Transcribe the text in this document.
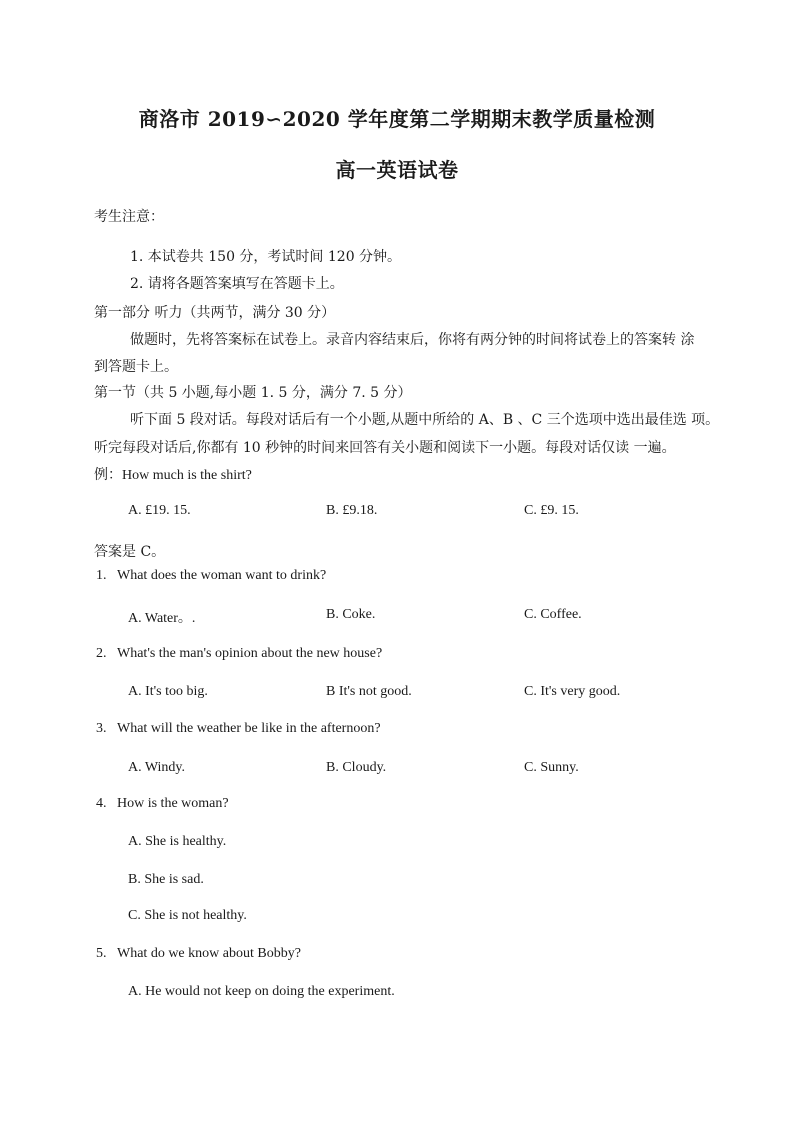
商洛市 2019∽2020 学年度第二学期期末教学质量检测
高一英语试卷
考生注意：
1. 本试卷共 150 分，考试时间 120 分钟。
2. 请将各题答案填写在答题卡上。
第一部分 听力（共两节，满分 30 分）
做题时，先将答案标在试卷上。录音内容结束后，你将有两分钟的时间将试卷上的答案转 涂
到答题卡上。
第一节（共 5 小题,每小题 1. 5 分，满分 7. 5 分）
听下面 5 段对话。每段对话后有一个小题,从题中所给的 A、B 、C 三个选项中选出最佳选 项。
听完每段对话后,你都有 10 秒钟的时间来回答有关小题和阅读下一小题。每段对话仅读 一遍。
例：How much is the shirt?
A. £19. 15.	B. £9.18.	C. £9. 15.
答案是 C。
1. What does the woman want to drink?
A. Water。.	B. Coke.	C. Coffee.
2. What's the man's opinion about the new house?
A. It's too big.	B It's not good.	C. It's very good.
3. What will the weather be like in the afternoon?
A. Windy.	B. Cloudy.	C. Sunny.
4. How is the woman?
A. She is healthy.
B. She is sad.
C. She is not healthy.
5. What do we know about Bobby?
A. He would not keep on doing the experiment.
